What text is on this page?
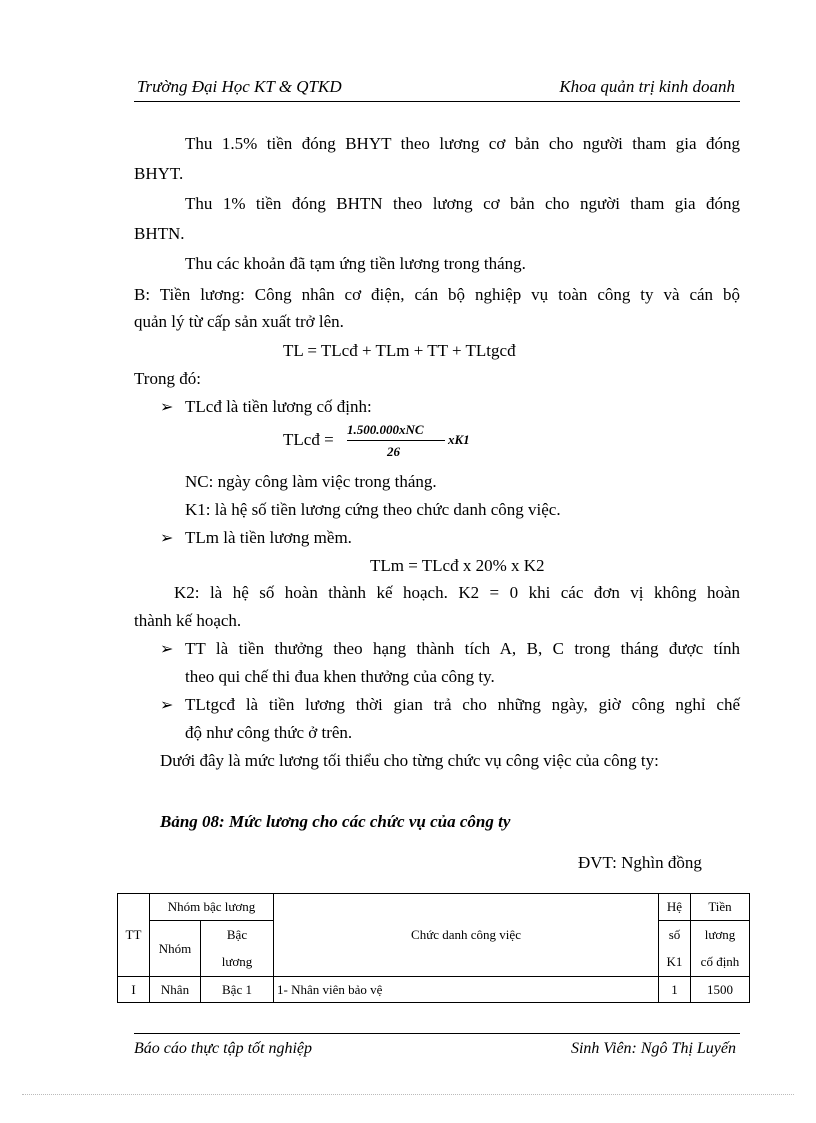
Trường Đại Học KT & QTKD	Khoa quản trị kinh doanh
Thu 1.5% tiền đóng BHYT theo lương cơ bản cho người tham gia đóng
BHYT.
Thu 1% tiền đóng BHTN theo lương cơ bản cho người tham gia đóng
BHTN.
Thu các khoản đã tạm ứng tiền lương trong tháng.
B: Tiền lương: Công nhân cơ điện, cán bộ nghiệp vụ toàn công ty và cán bộ
quản lý từ cấp sản xuất trở lên.
TL = TLcđ + TLm + TT + TLtgcđ
Trong đó:
➢ TLcđ là tiền lương cố định:
TLcđ =
1.500.000xNC
26
xK1
NC: ngày công làm việc trong tháng.
K1: là hệ số tiền lương cứng theo chức danh công việc.
➢ TLm là tiền lương mềm.
TLm = TLcđ x 20% x K2
K2: là hệ số hoàn thành kế hoạch. K2 = 0 khi các đơn vị không hoàn
thành kế hoạch.
➢ TT là tiền thưởng theo hạng thành tích A, B, C trong tháng được tính
theo qui chế thi đua khen thưởng của công ty.
➢ TLtgcđ là tiền lương thời gian trả cho những ngày, giờ công nghỉ chế
độ như công thức ở trên.
Dưới đây là mức lương tối thiểu cho từng chức vụ công việc của công ty:
Bảng 08: Mức lương cho các chức vụ của công ty
ĐVT: Nghìn đồng
TT	Nhóm bậc lương		Chức danh công việc	Hệ	Tiền
	Nhóm	Bậc		số	lương
		lương		K1	cố định
I	Nhân	Bậc 1	1- Nhân viên bảo vệ	1	1500
Báo cáo thực tập tốt nghiệp	Sinh Viên: Ngô Thị Luyến
